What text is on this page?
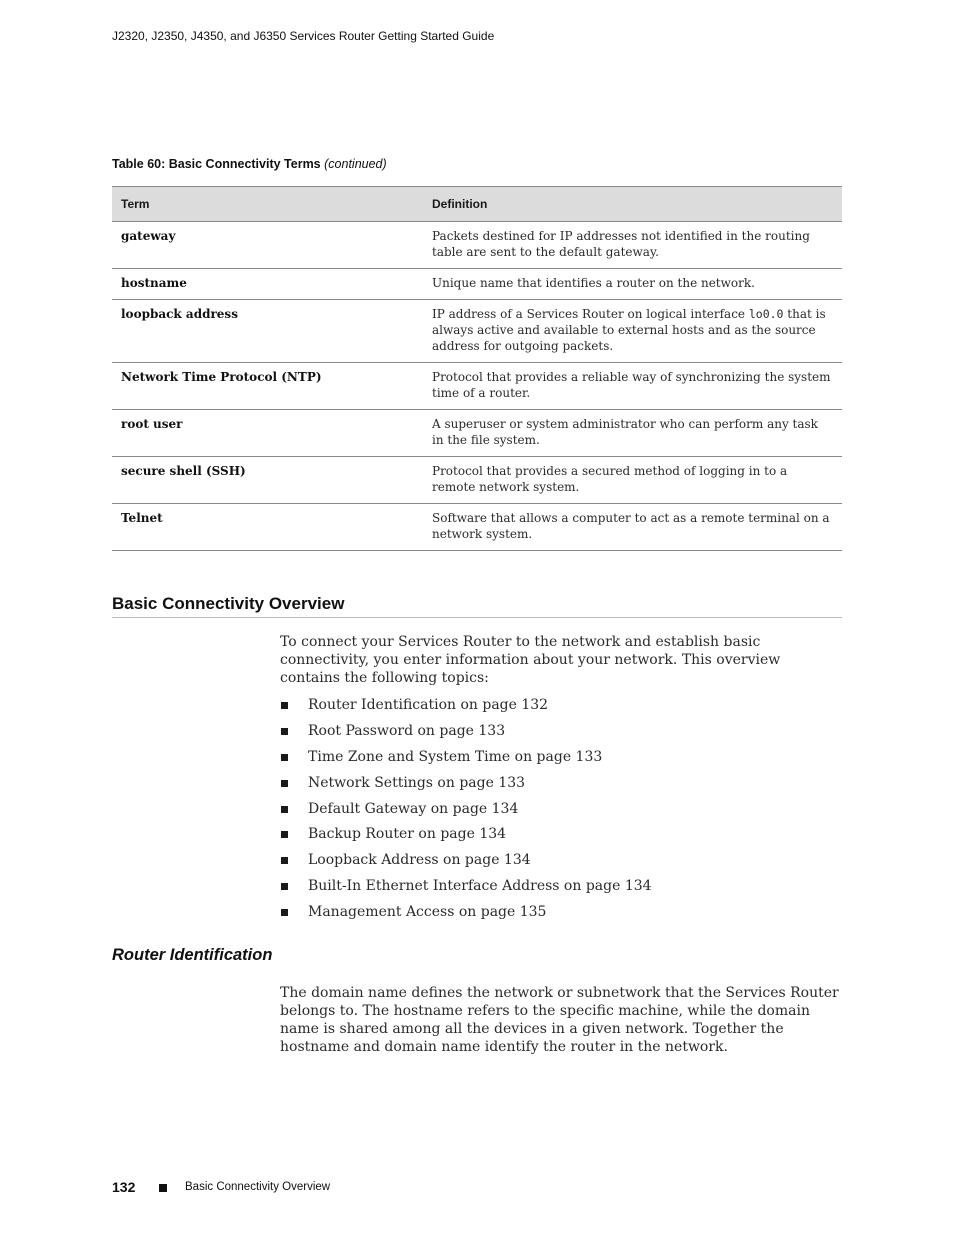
J2320, J2350, J4350, and J6350 Services Router Getting Started Guide
Table 60: Basic Connectivity Terms (continued)
Term	Definition
gateway	Packets destined for IP addresses not identified in the routing table are sent to the default gateway.
hostname	Unique name that identifies a router on the network.
loopback address	IP address of a Services Router on logical interface lo0.0 that is always active and available to external hosts and as the source address for outgoing packets.
Network Time Protocol (NTP)	Protocol that provides a reliable way of synchronizing the system time of a router.
root user	A superuser or system administrator who can perform any task in the file system.
secure shell (SSH)	Protocol that provides a secured method of logging in to a remote network system.
Telnet	Software that allows a computer to act as a remote terminal on a network system.
Basic Connectivity Overview
To connect your Services Router to the network and establish basic connectivity, you enter information about your network. This overview contains the following topics:
Router Identification on page 132
Root Password on page 133
Time Zone and System Time on page 133
Network Settings on page 133
Default Gateway on page 134
Backup Router on page 134
Loopback Address on page 134
Built-In Ethernet Interface Address on page 134
Management Access on page 135
Router Identification
The domain name defines the network or subnetwork that the Services Router belongs to. The hostname refers to the specific machine, while the domain name is shared among all the devices in a given network. Together the hostname and domain name identify the router in the network.
132	Basic Connectivity Overview
